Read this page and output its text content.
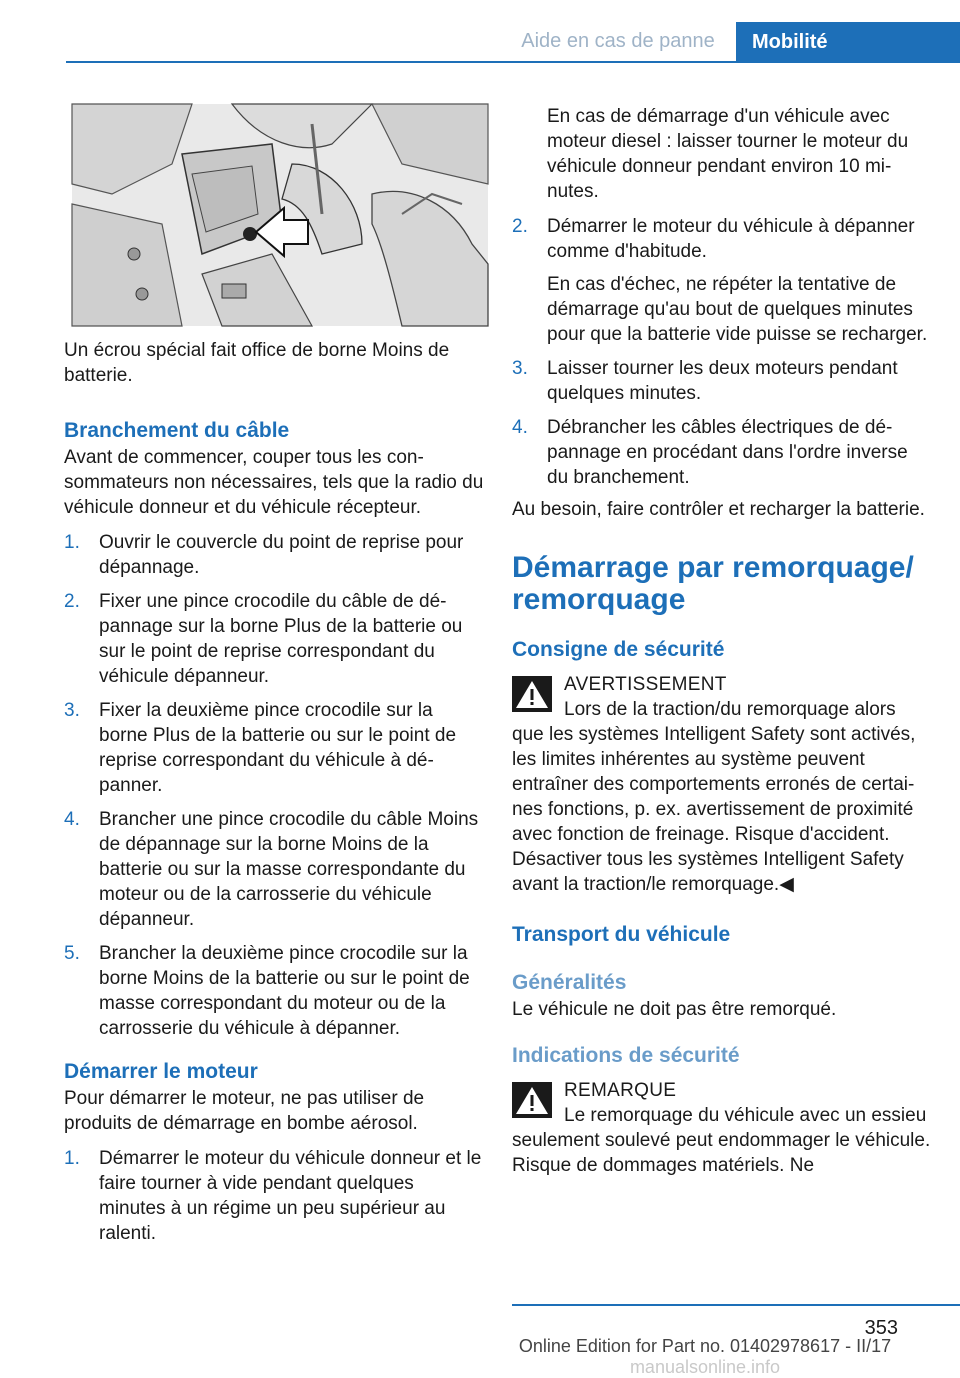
Aide en cas de panne	Mobilité

Un écrou spécial fait office de borne Moins de batterie.

Branchement du câble

Avant de commencer, couper tous les consommateurs non nécessaires, tels que la radio du véhicule donneur et du véhicule récepteur.

1.	Ouvrir le couvercle du point de reprise pour dépannage.
2.	Fixer une pince crocodile du câble de dépannage sur la borne Plus de la batterie ou sur le point de reprise correspondant du véhicule dépanneur.
3.	Fixer la deuxième pince crocodile sur la borne Plus de la batterie ou sur le point de reprise correspondant du véhicule à dépanner.
4.	Brancher une pince crocodile du câble Moins de dépannage sur la borne Moins de la batterie ou sur la masse correspondante du moteur ou de la carrosserie du véhicule dépanneur.
5.	Brancher la deuxième pince crocodile sur la borne Moins de la batterie ou sur le point de masse correspondant du moteur ou de la carrosserie du véhicule à dépanner.
Démarrer le moteur

Pour démarrer le moteur, ne pas utiliser de produits de démarrage en bombe aérosol.

1.	Démarrer le moteur du véhicule donneur et le faire tourner à vide pendant quelques minutes à un régime un peu supérieur au ralenti.

En cas de démarrage d'un véhicule avec moteur diesel : laisser tourner le moteur du véhicule donneur pendant environ 10 minutes.

2.	Démarrer le moteur du véhicule à dépanner comme d'habitude.
En cas d'échec, ne répéter la tentative de démarrage qu'au bout de quelques minutes pour que la batterie vide puisse se recharger.
3.	Laisser tourner les deux moteurs pendant quelques minutes.
4.	Débrancher les câbles électriques de dépannage en procédant dans l'ordre inverse du branchement.

Au besoin, faire contrôler et recharger la batterie.

Démarrage par remorquage/ remorquage
Consigne de sécurité
AVERTISSEMENT
Lors de la traction/du remorquage alors que les systèmes Intelligent Safety sont activés, les limites inhérentes au système peuvent entraîner des comportements erronés de certaines fonctions, p. ex. avertissement de proximité avec fonction de freinage. Risque d'accident. Désactiver tous les systèmes Intelligent Safety avant la traction/le remorquage.◀
Transport du véhicule
Généralités

Le véhicule ne doit pas être remorqué.

Indications de sécurité
REMARQUE
Le remorquage du véhicule avec un essieu seulement soulevé peut endommager le véhicule. Risque de dommages matériels. Ne
353
Online Edition for Part no. 01402978617 - II/17 manualsonline.info
